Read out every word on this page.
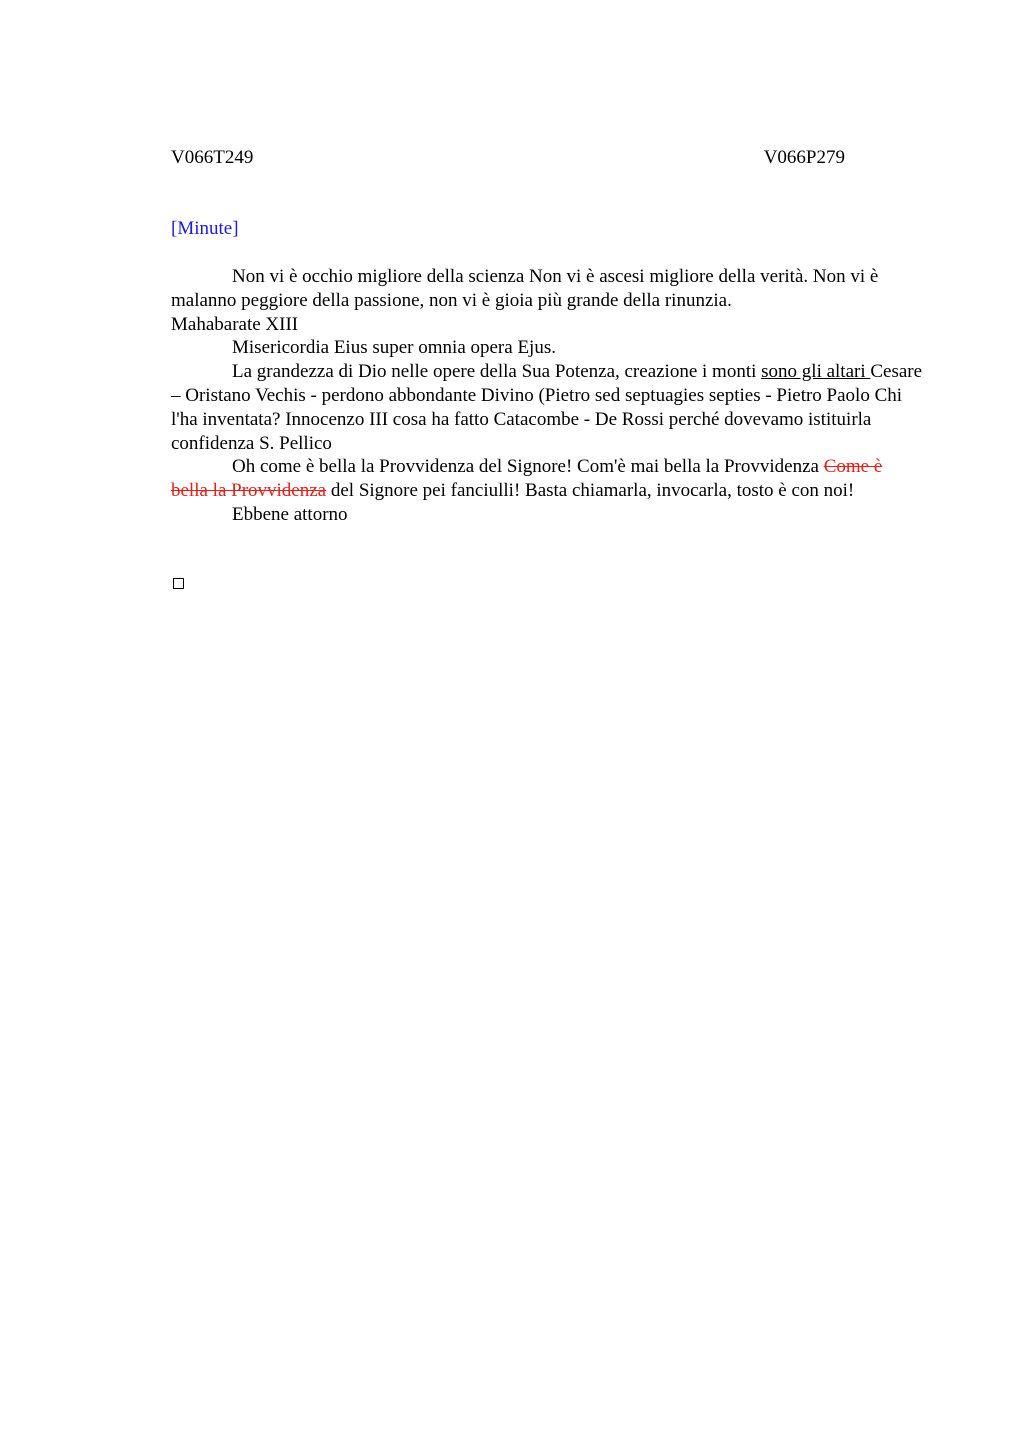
V066T249	V066P279
[Minute]

Non vi è occhio migliore della scienza Non vi è ascesi migliore della verità. Non vi è malanno peggiore della passione, non vi è gioia più grande della rinunzia.

Mahabarate XIII

Misericordia Eius super omnia opera Ejus.

La grandezza di Dio nelle opere della Sua Potenza, creazione i monti sono gli altari Cesare – Oristano Vechis - perdono abbondante Divino (Pietro sed septuagies septies - Pietro Paolo Chi l'ha inventata? Innocenzo III cosa ha fatto Catacombe - De Rossi perché dovevamo istituirla confidenza S. Pellico

Oh come è bella la Provvidenza del Signore! Com'è mai bella la Provvidenza Come è bella la Provvidenza del Signore pei fanciulli! Basta chiamarla, invocarla, tosto è con noi!

Ebbene attorno
